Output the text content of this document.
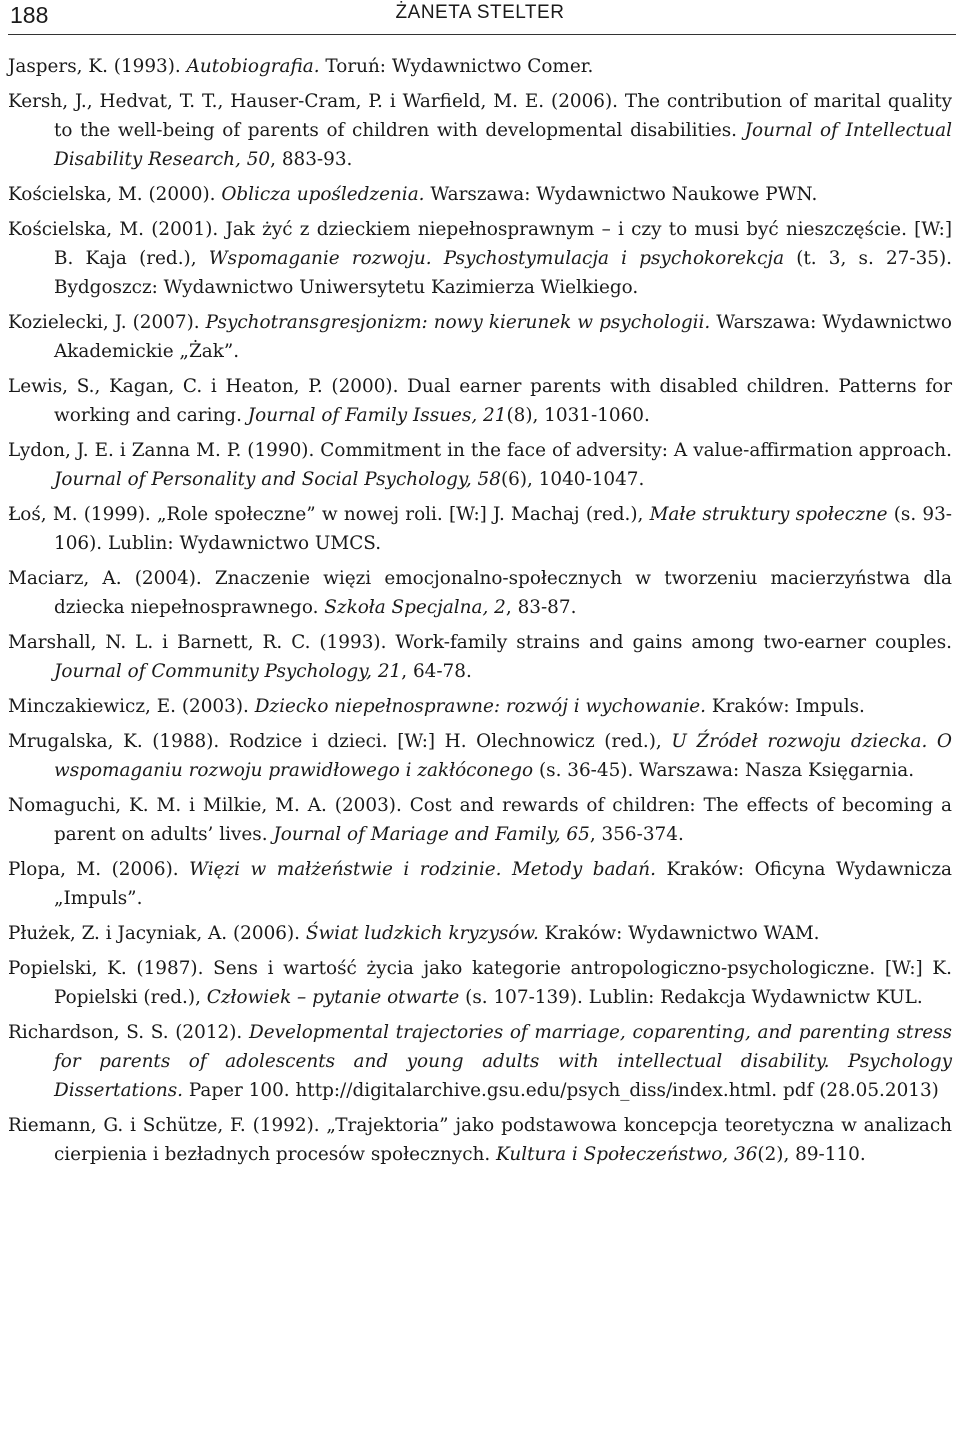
188	ŻANETA STELTER

Jaspers, K. (1993). Autobiografia. Toruń: Wydawnictwo Comer.

Kersh, J., Hedvat, T. T., Hauser-Cram, P. i Warfield, M. E. (2006). The contribution of marital quality to the well-being of parents of children with developmental disabilities. Journal of Intellectual Disability Research, 50, 883-93.

Kościelska, M. (2000). Oblicza upośledzenia. Warszawa: Wydawnictwo Naukowe PWN.

Kościelska, M. (2001). Jak żyć z dzieckiem niepełnosprawnym – i czy to musi być nieszczęście. [W:] B. Kaja (red.), Wspomaganie rozwoju. Psychostymulacja i psychokorekcja (t. 3, s. 27-35). Bydgoszcz: Wydawnictwo Uniwersytetu Kazimierza Wielkiego.

Kozielecki, J. (2007). Psychotransgresjonizm: nowy kierunek w psychologii. Warszawa: Wydawnictwo Akademickie „Żak”.

Lewis, S., Kagan, C. i Heaton, P. (2000). Dual earner parents with disabled children. Patterns for working and caring. Journal of Family Issues, 21(8), 1031-1060.

Lydon, J. E. i Zanna M. P. (1990). Commitment in the face of adversity: A value-affirmation approach. Journal of Personality and Social Psychology, 58(6), 1040-1047.

Łoś, M. (1999). „Role społeczne” w nowej roli. [W:] J. Machaj (red.), Małe struktury społeczne (s. 93-106). Lublin: Wydawnictwo UMCS.

Maciarz, A. (2004). Znaczenie więzi emocjonalno-społecznych w tworzeniu macierzyństwa dla dziecka niepełnosprawnego. Szkoła Specjalna, 2, 83-87.

Marshall, N. L. i Barnett, R. C. (1993). Work-family strains and gains among two-earner couples. Journal of Community Psychology, 21, 64-78.

Minczakiewicz, E. (2003). Dziecko niepełnosprawne: rozwój i wychowanie. Kraków: Impuls.

Mrugalska, K. (1988). Rodzice i dzieci. [W:] H. Olechnowicz (red.), U Źródeł rozwoju dziecka. O wspomaganiu rozwoju prawidłowego i zakłóconego (s. 36-45). Warszawa: Nasza Księgarnia.

Nomaguchi, K. M. i Milkie, M. A. (2003). Cost and rewards of children: The effects of becoming a parent on adults’ lives. Journal of Mariage and Family, 65, 356-374.

Plopa, M. (2006). Więzi w małżeństwie i rodzinie. Metody badań. Kraków: Oficyna Wydawnicza „Impuls”.

Płużek, Z. i Jacyniak, A. (2006). Świat ludzkich kryzysów. Kraków: Wydawnictwo WAM.

Popielski, K. (1987). Sens i wartość życia jako kategorie antropologiczno-psychologiczne. [W:] K. Popielski (red.), Człowiek – pytanie otwarte (s. 107-139). Lublin: Redakcja Wydawnictw KUL.

Richardson, S. S. (2012). Developmental trajectories of marriage, coparenting, and parenting stress for parents of adolescents and young adults with intellectual disability. Psychology Dissertations. Paper 100. http://digitalarchive.gsu.edu/psych_diss/index.html. pdf (28.05.2013)

Riemann, G. i Schütze, F. (1992). „Trajektoria” jako podstawowa koncepcja teoretyczna w analizach cierpienia i bezładnych procesów społecznych. Kultura i Społeczeństwo, 36(2), 89-110.
